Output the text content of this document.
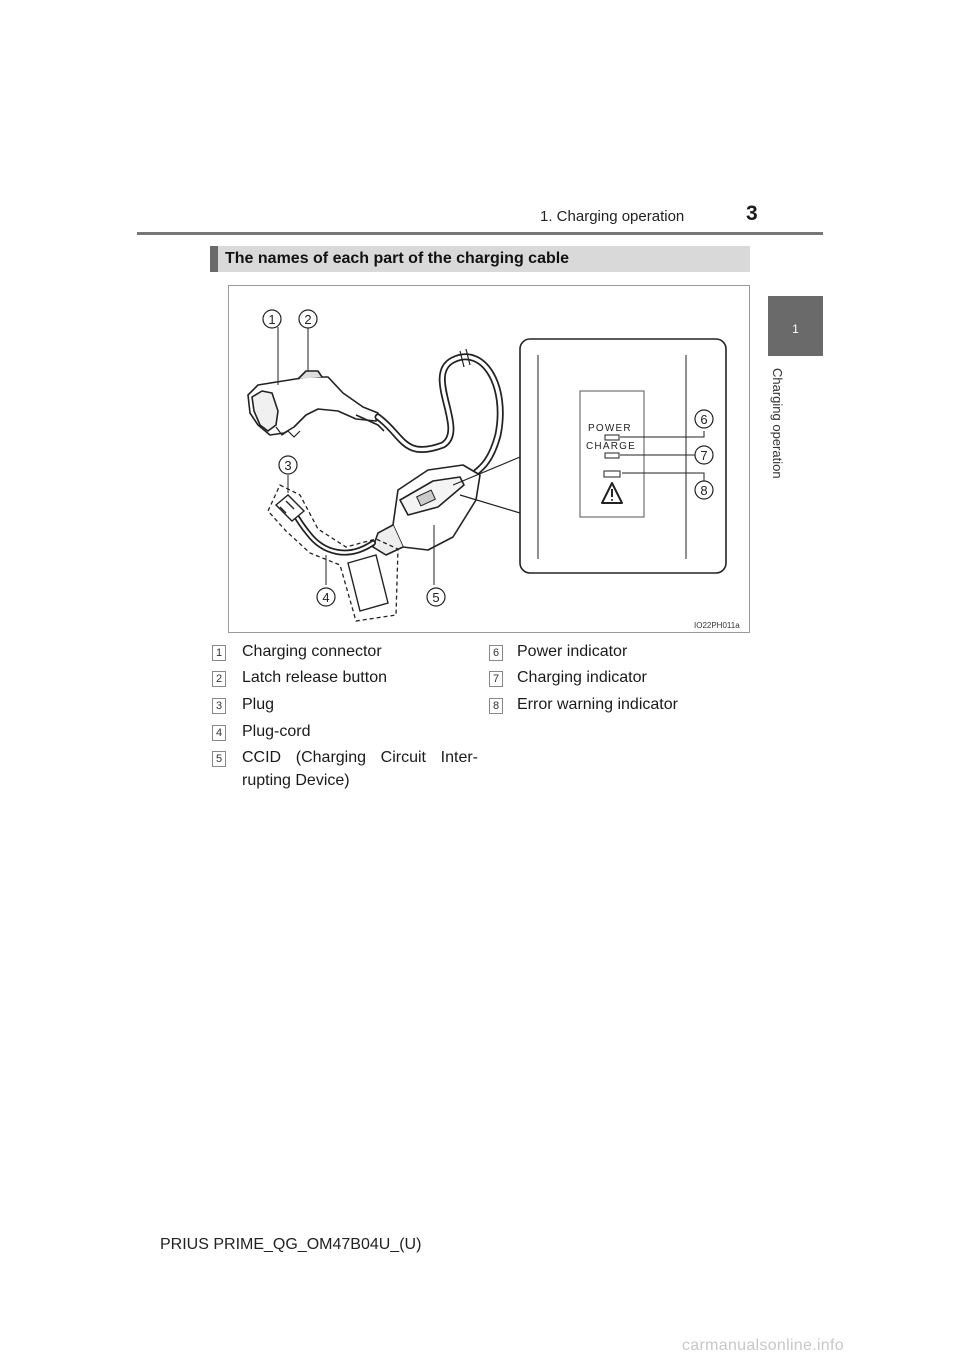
1. Charging operation	3
1
Charging operation
The names of each part of the charging cable
POWER
CHARGE
1 2
3
4	5
6
7
8
IO22PH011a
1 Charging connector
2 Latch release button
3 Plug
4 Plug-cord
5 CCID (Charging Circuit Inter-
rupting Device)
6 Power indicator
7 Charging indicator
8 Error warning indicator
PRIUS PRIME_QG_OM47B04U_(U)
carmanualsonline.info
